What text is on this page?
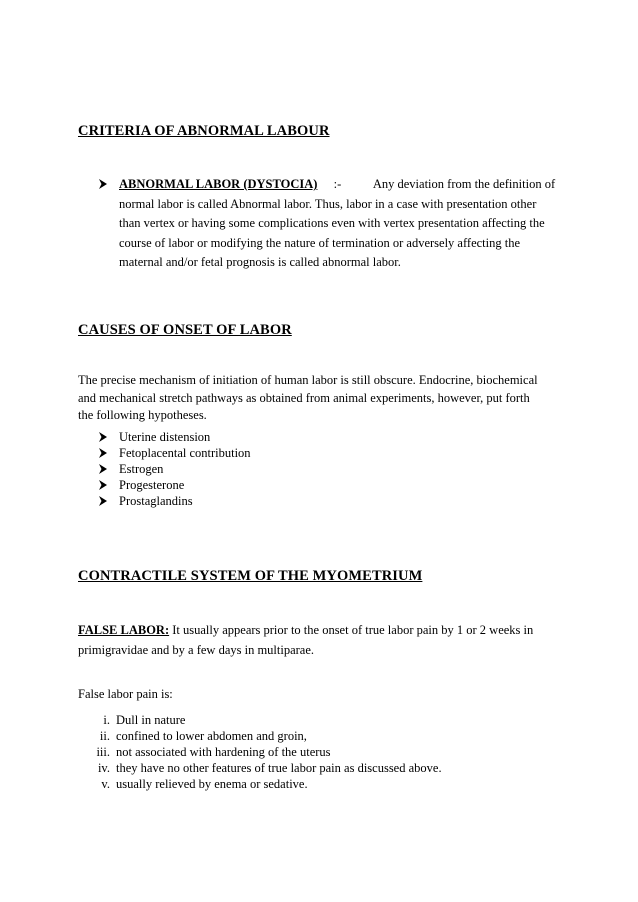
CRITERIA OF ABNORMAL LABOUR
ABNORMAL LABOR (DYSTOCIA) :-	Any deviation from the definition of
normal labor is called Abnormal labor. Thus, labor in a case with presentation other
than vertex or having some complications even with vertex presentation affecting the
course of labor or modifying the nature of termination or adversely affecting the
maternal and/or fetal prognosis is called abnormal labor.
CAUSES OF ONSET OF LABOR
The precise mechanism of initiation of human labor is still obscure. Endocrine, biochemical
and mechanical stretch pathways as obtained from animal experiments, however, put forth
the following hypotheses.
Uterine distension
Fetoplacental contribution
Estrogen
Progesterone
Prostaglandins
CONTRACTILE SYSTEM OF THE MYOMETRIUM
FALSE LABOR: It usually appears prior to the onset of true labor pain by 1 or 2 weeks in
primigravidae and by a few days in multiparae.
False labor pain is:
i. Dull in nature
ii. confined to lower abdomen and groin,
iii. not associated with hardening of the uterus
iv. they have no other features of true labor pain as discussed above.
v. usually relieved by enema or sedative.
